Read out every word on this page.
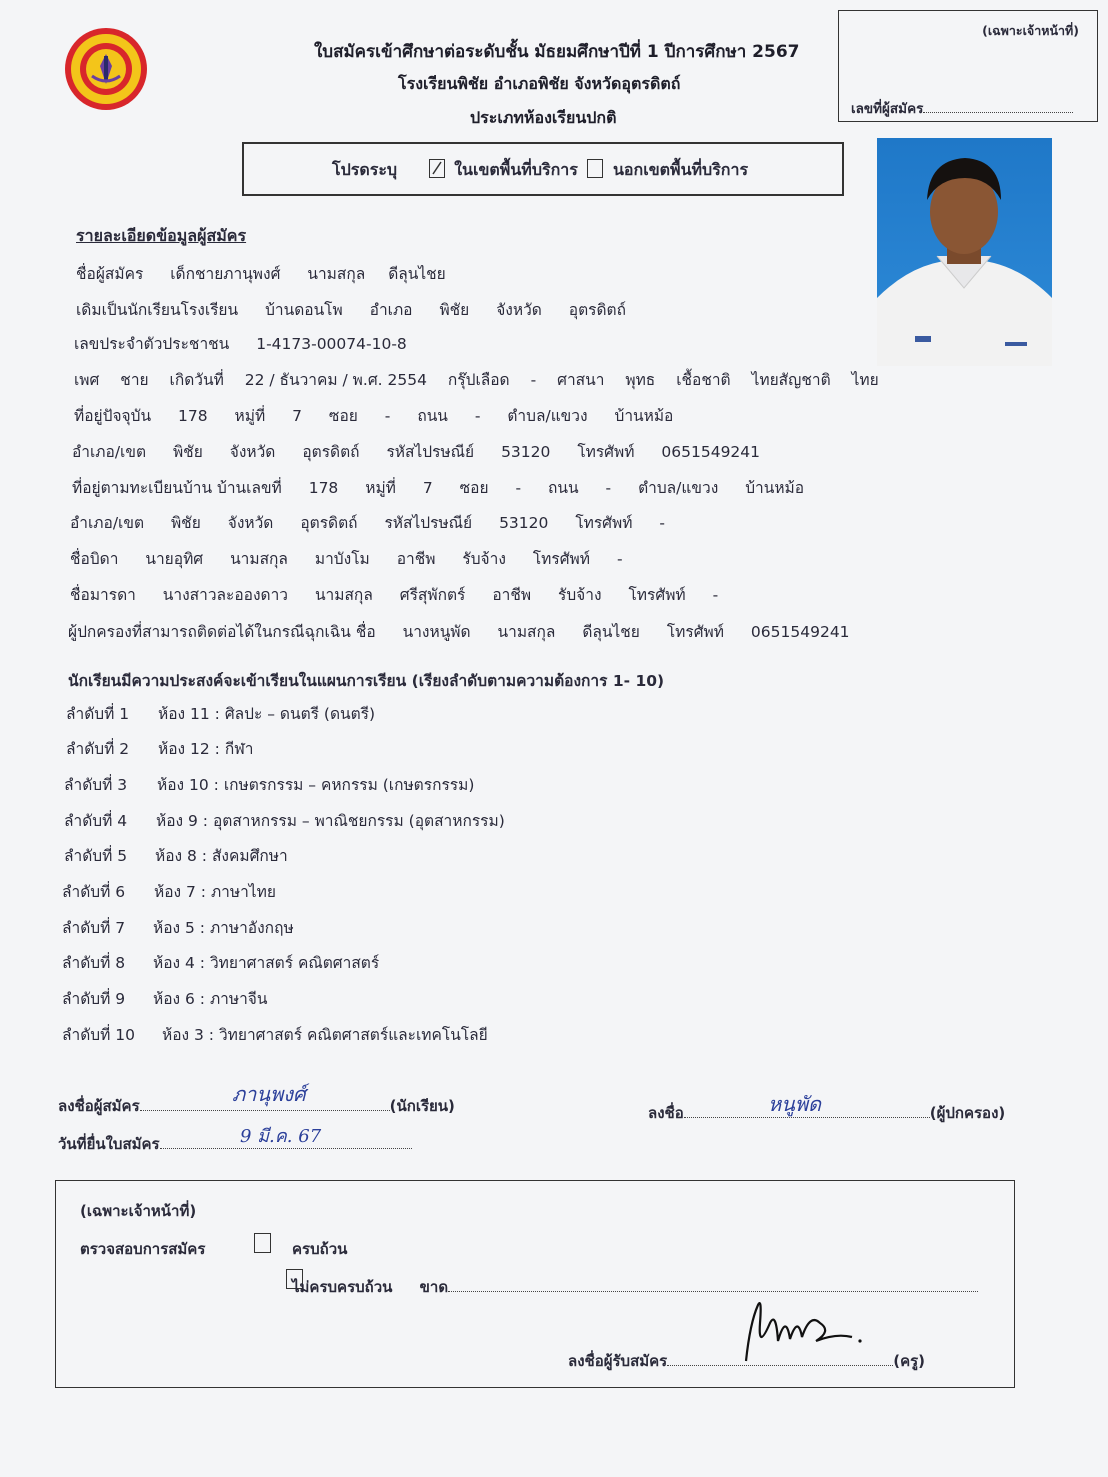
ใบสมัครเข้าศึกษาต่อระดับชั้น มัธยมศึกษาปีที่ 1 ปีการศึกษา 2567
โรงเรียนพิชัย อำเภอพิชัย จังหวัดอุตรดิตถ์
ประเภทห้องเรียนปกติ
(เฉพาะเจ้าหน้าที่)
เลขที่ผู้สมัคร
โปรดระบุ	ในเขตพื้นที่บริการ นอกเขตพื้นที่บริการ
รายละเอียดข้อมูลผู้สมัคร
ชื่อผู้สมัคร เด็กชายภานุพงศ์ นามสกุล ดีลุนไชย
เดิมเป็นนักเรียนโรงเรียน บ้านดอนโพ อำเภอ พิชัย จังหวัด อุตรดิตถ์
เลขประจำตัวประชาชน 1-4173-00074-10-8
เพศ ชาย เกิดวันที่ 22 / ธันวาคม / พ.ศ. 2554 กรุ๊ปเลือด - ศาสนา พุทธ เชื้อชาติ ไทยสัญชาติ ไทย
ที่อยู่ปัจจุบัน 178 หมู่ที่ 7 ซอย - ถนน - ตำบล/แขวง บ้านหม้อ
อำเภอ/เขต พิชัย จังหวัด อุตรดิตถ์ รหัสไปรษณีย์ 53120 โทรศัพท์ 0651549241
ที่อยู่ตามทะเบียนบ้าน บ้านเลขที่ 178 หมู่ที่ 7 ซอย - ถนน - ตำบล/แขวง บ้านหม้อ
อำเภอ/เขต พิชัย จังหวัด อุตรดิตถ์ รหัสไปรษณีย์ 53120 โทรศัพท์ -
ชื่อบิดา นายอุทิศ นามสกุล มาบังโม อาชีพ รับจ้าง โทรศัพท์ -
ชื่อมารดา นางสาวละอองดาว นามสกุล ศรีสุพักตร์ อาชีพ รับจ้าง โทรศัพท์ -
ผู้ปกครองที่สามารถติดต่อได้ในกรณีฉุกเฉิน ชื่อ นางหนูพัด นามสกุล ดีลุนไชย โทรศัพท์ 0651549241
นักเรียนมีความประสงค์จะเข้าเรียนในแผนการเรียน (เรียงลำดับตามความต้องการ 1- 10)
ลำดับที่ 1 ห้อง 11 : ศิลปะ – ดนตรี (ดนตรี)
ลำดับที่ 2 ห้อง 12 : กีฬา
ลำดับที่ 3 ห้อง 10 : เกษตรกรรม – คหกรรม (เกษตรกรรม)
ลำดับที่ 4 ห้อง 9 : อุตสาหกรรม – พาณิชยกรรม (อุตสาหกรรม)
ลำดับที่ 5 ห้อง 8 : สังคมศึกษา
ลำดับที่ 6 ห้อง 7 : ภาษาไทย
ลำดับที่ 7 ห้อง 5 : ภาษาอังกฤษ
ลำดับที่ 8 ห้อง 4 : วิทยาศาสตร์ คณิตศาสตร์
ลำดับที่ 9 ห้อง 6 : ภาษาจีน
ลำดับที่ 10 ห้อง 3 : วิทยาศาสตร์ คณิตศาสตร์และเทคโนโลยี
ลงชื่อผู้สมัคร	(นักเรียน)
ภานุพงศ์
วันที่ยื่นใบสมัคร	9 มี.ค. 67
ลงชื่อ	(ผู้ปกครอง)
หนูพัด
(เฉพาะเจ้าหน้าที่)
ตรวจสอบการสมัคร
	ครบถ้วน
ไม่ครบครบถ้วน ขาด
ลงชื่อผู้รับสมัคร	(ครู)
